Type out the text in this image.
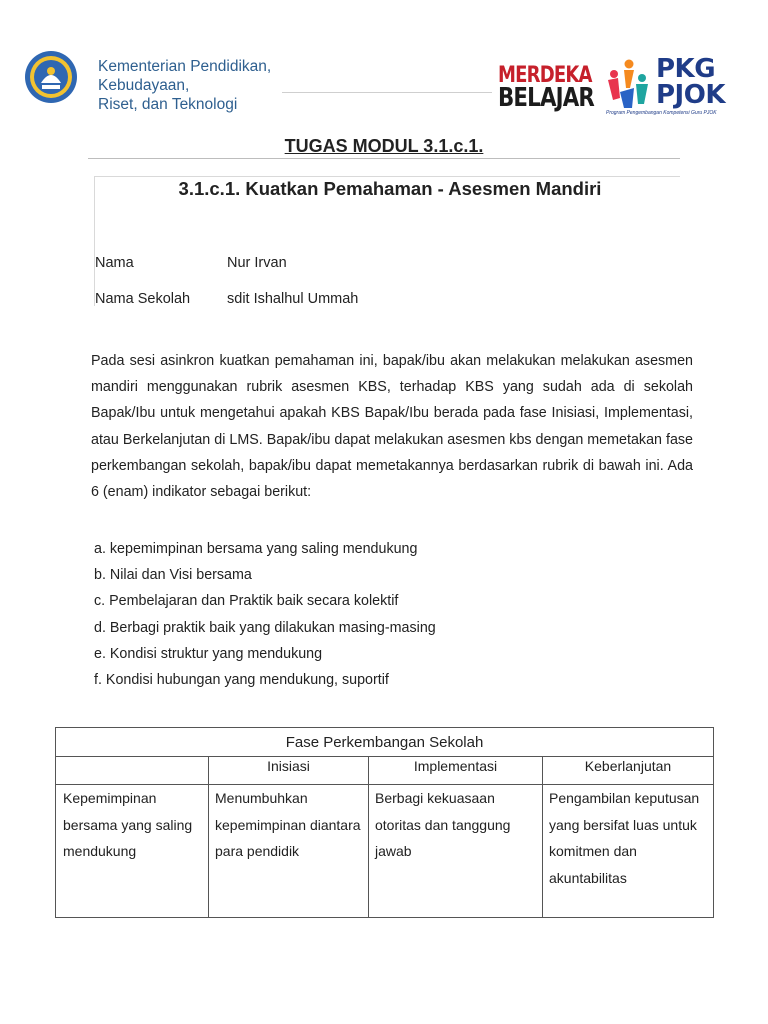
Kementerian Pendidikan,
Kebudayaan,
Riset, dan Teknologi
MERDEKA
BELAJAR
PKG
PJOK
Program Pengembangan Kompetensi Guru PJOK
TUGAS MODUL 3.1.c.1.
3.1.c.1. Kuatkan Pemahaman - Asesmen Mandiri
Nama	Nur Irvan
Nama Sekolah	sdit Ishalhul Ummah
Pada sesi asinkron kuatkan pemahaman ini, bapak/ibu akan melakukan melakukan asesmen mandiri menggunakan rubrik asesmen KBS, terhadap KBS yang sudah ada di sekolah Bapak/Ibu untuk mengetahui apakah KBS Bapak/Ibu berada pada fase Inisiasi, Implementasi, atau Berkelanjutan di LMS. Bapak/ibu dapat melakukan asesmen kbs dengan memetakan fase perkembangan sekolah, bapak/ibu dapat memetakannya berdasarkan rubrik di bawah ini. Ada 6 (enam) indikator sebagai berikut:
a. kepemimpinan bersama yang saling mendukung
b. Nilai dan Visi bersama
c. Pembelajaran dan Praktik baik secara kolektif
d. Berbagi praktik baik yang dilakukan masing-masing
e. Kondisi struktur yang mendukung
f. Kondisi hubungan yang mendukung, suportif
Fase Perkembangan Sekolah			
	Inisiasi	Implementasi	Keberlanjutan
Kepemimpinan bersama yang saling mendukung	Menumbuhkan kepemimpinan diantara para pendidik	Berbagi kekuasaan otoritas dan tanggung jawab	Pengambilan keputusan yang bersifat luas untuk komitmen dan akuntabilitas
